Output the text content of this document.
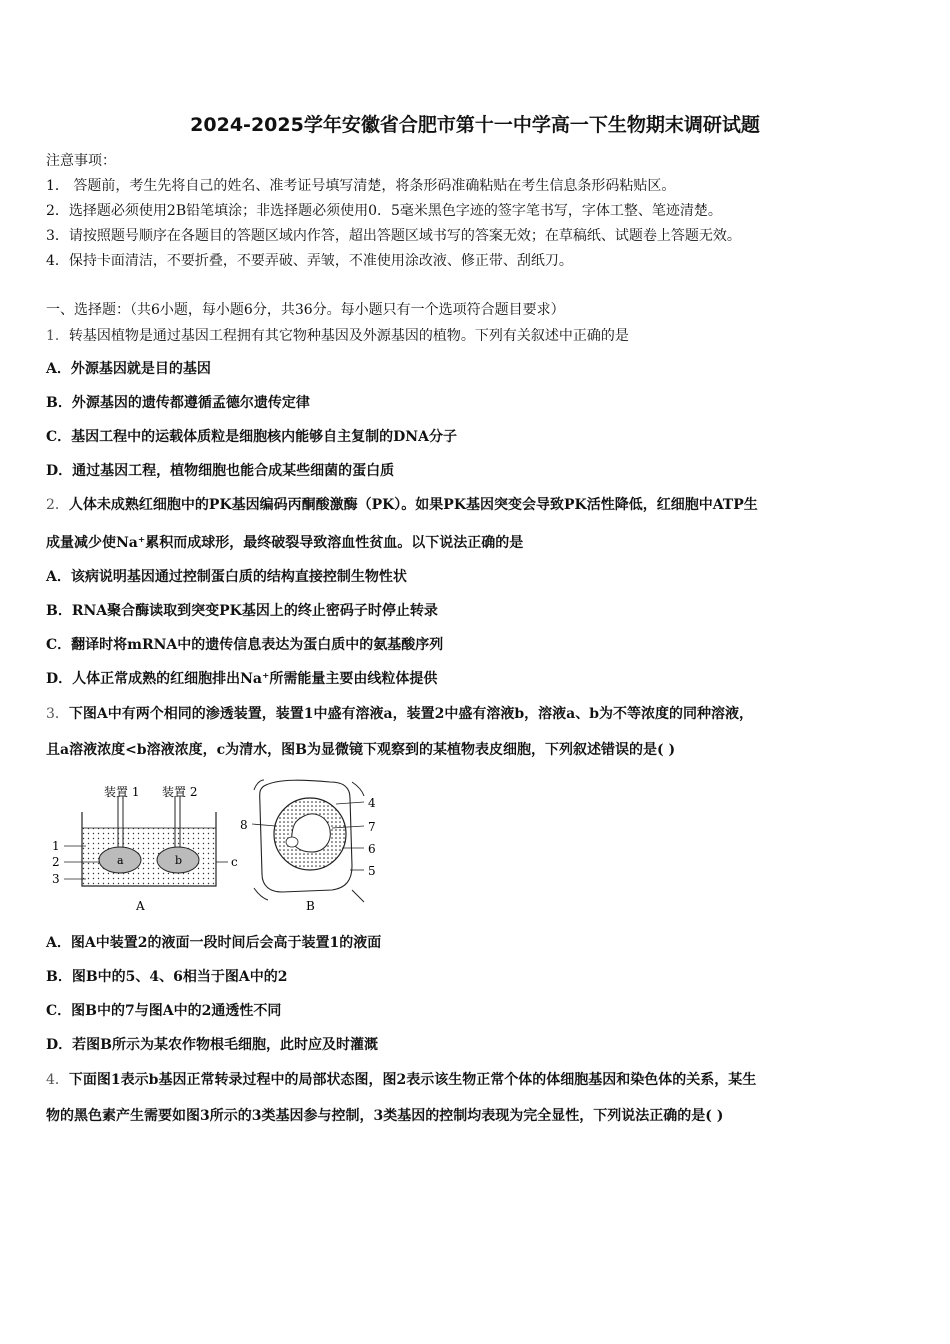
2024-2025学年安徽省合肥市第十一中学高一下生物期末调研试题
注意事项：
1． 答题前，考生先将自己的姓名、准考证号填写清楚，将条形码准确粘贴在考生信息条形码粘贴区。
2．选择题必须使用2B铅笔填涂；非选择题必须使用0．5毫米黑色字迹的签字笔书写，字体工整、笔迹清楚。
3．请按照题号顺序在各题目的答题区域内作答，超出答题区域书写的答案无效；在草稿纸、试题卷上答题无效。
4．保持卡面清洁，不要折叠，不要弄破、弄皱，不准使用涂改液、修正带、刮纸刀。
一、选择题：（共6小题，每小题6分，共36分。每小题只有一个选项符合题目要求）
1．转基因植物是通过基因工程拥有其它物种基因及外源基因的植物。下列有关叙述中正确的是
A．外源基因就是目的基因
B．外源基因的遗传都遵循孟德尔遗传定律
C．基因工程中的运载体质粒是细胞核内能够自主复制的DNA分子
D．通过基因工程，植物细胞也能合成某些细菌的蛋白质
2．人体未成熟红细胞中的PK基因编码丙酮酸激酶（PK）。如果PK基因突变会导致PK活性降低，红细胞中ATP生
成量减少使Na⁺累积而成球形，最终破裂导致溶血性贫血。以下说法正确的是
A．该病说明基因通过控制蛋白质的结构直接控制生物性状
B．RNA聚合酶读取到突变PK基因上的终止密码子时停止转录
C．翻译时将mRNA中的遗传信息表达为蛋白质中的氨基酸序列
D．人体正常成熟的红细胞排出Na⁺所需能量主要由线粒体提供
3．下图A中有两个相同的渗透装置，装置1中盛有溶液a，装置2中盛有溶液b，溶液a、b为不等浓度的同种溶液，
且a溶液浓度<b溶液浓度，c为清水，图B为显微镜下观察到的某植物表皮细胞，下列叙述错误的是( )
装置 1 装置 2
1
2
3
a	b	c
A
4
7
6
5
8
B
A．图A中装置2的液面一段时间后会高于装置1的液面
B．图B中的5、4、6相当于图A中的2
C．图B中的7与图A中的2通透性不同
D．若图B所示为某农作物根毛细胞，此时应及时灌溉
4．下面图1表示b基因正常转录过程中的局部状态图，图2表示该生物正常个体的体细胞基因和染色体的关系，某生
物的黑色素产生需要如图3所示的3类基因参与控制，3类基因的控制均表现为完全显性，下列说法正确的是( )
